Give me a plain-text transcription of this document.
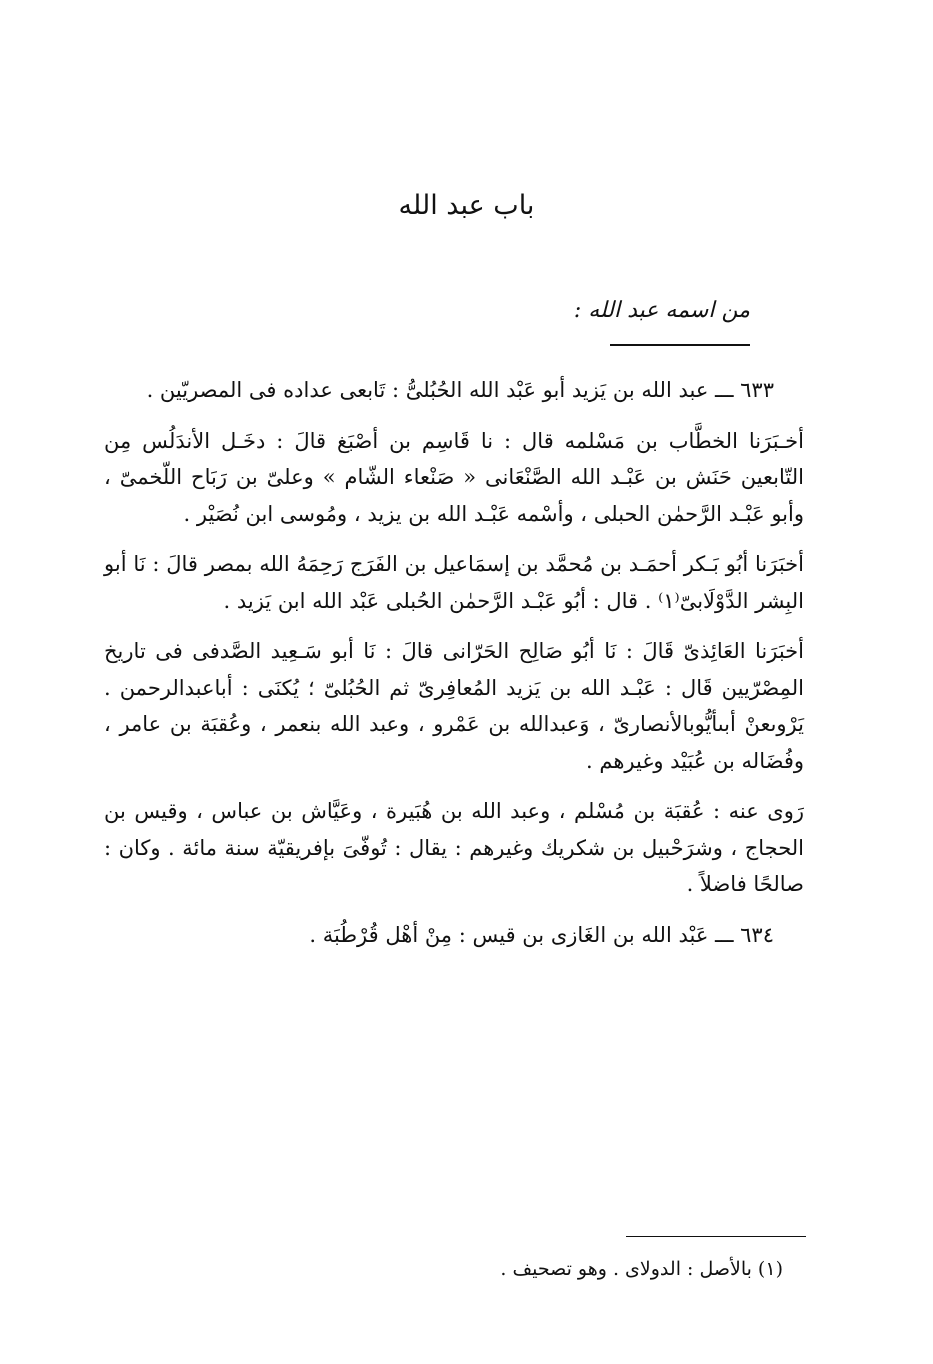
باب عبد الله
من اسمه عبد الله :

٦٣٣ ـــ عبد الله بن يَزيد أبو عَبْد الله الحُبُلىُّ : تَابعى عداده فى المصريّين .

أخـبَرَنا الخطَّاب بن مَسْلمه قال : نا قَاسِم بن أصْبَغ قالَ : دخَـل الأندَلُس مِن التّابعين حَنَش بن عَبْـد الله الصَّنْعَانى « صَنْعاء الشّام » وعلىّ بن رَبَاح اللّخمىّ ، وأبو عَبْـد الرَّحمٰن الحبلى ، وأسْمه عَبْـد الله بن يزيد ، ومُوسى ابن نُصَيْر .

أخبَرَنا أبُو بَـكر أحمَـد بن مُحمَّد بن إسمَاعيل بن الفَرَج رَحِمَهُ الله بمصر قالَ : نَا أبو البِشر الدَّوْلَابىّ⁽١⁾ . قال : أبُو عَبْـد الرَّحمٰن الحُبلى عَبْد الله ابن يَزيد .

أخبَرَنا العَائِذىّ قَالَ : نَا أبُو صَالِح الحَرّانى قالَ : نَا أبو سَـعِيد الصَّدفى فى تاريخ المِصْرّيين قَال : عَبْـد الله بن يَزيد المُعافِرىّ ثم الحُبُلىّ ؛ يُكنَى : أباعبدالرحمن . يَرْوىعنْ أبىأيُّوبالأنصارىّ ، وَعبدالله بن عَمْرو ، وعبد الله بنعمر ، وعُقبَة بن عامر ، وفُضَاله بن عُبَيْد وغيرهم .

رَوى عنه : عُقبَة بن مُسْلم ، وعبد الله بن هُبَيرة ، وعَيَّاش بن عباس ، وقيس بن الحجاج ، وشرَحْبيل بن شكريك وغيرهم : يقال : تُوفّىَ بإفريقيّة سنة مائة . وكان : صالحًا فاضلاً .

٦٣٤ ـــ عَبْد الله بن الغَازى بن قيس : مِنْ أهْل قُرْطُبَة .

(١) بالأصل : الدولاى . وهو تصحيف .
